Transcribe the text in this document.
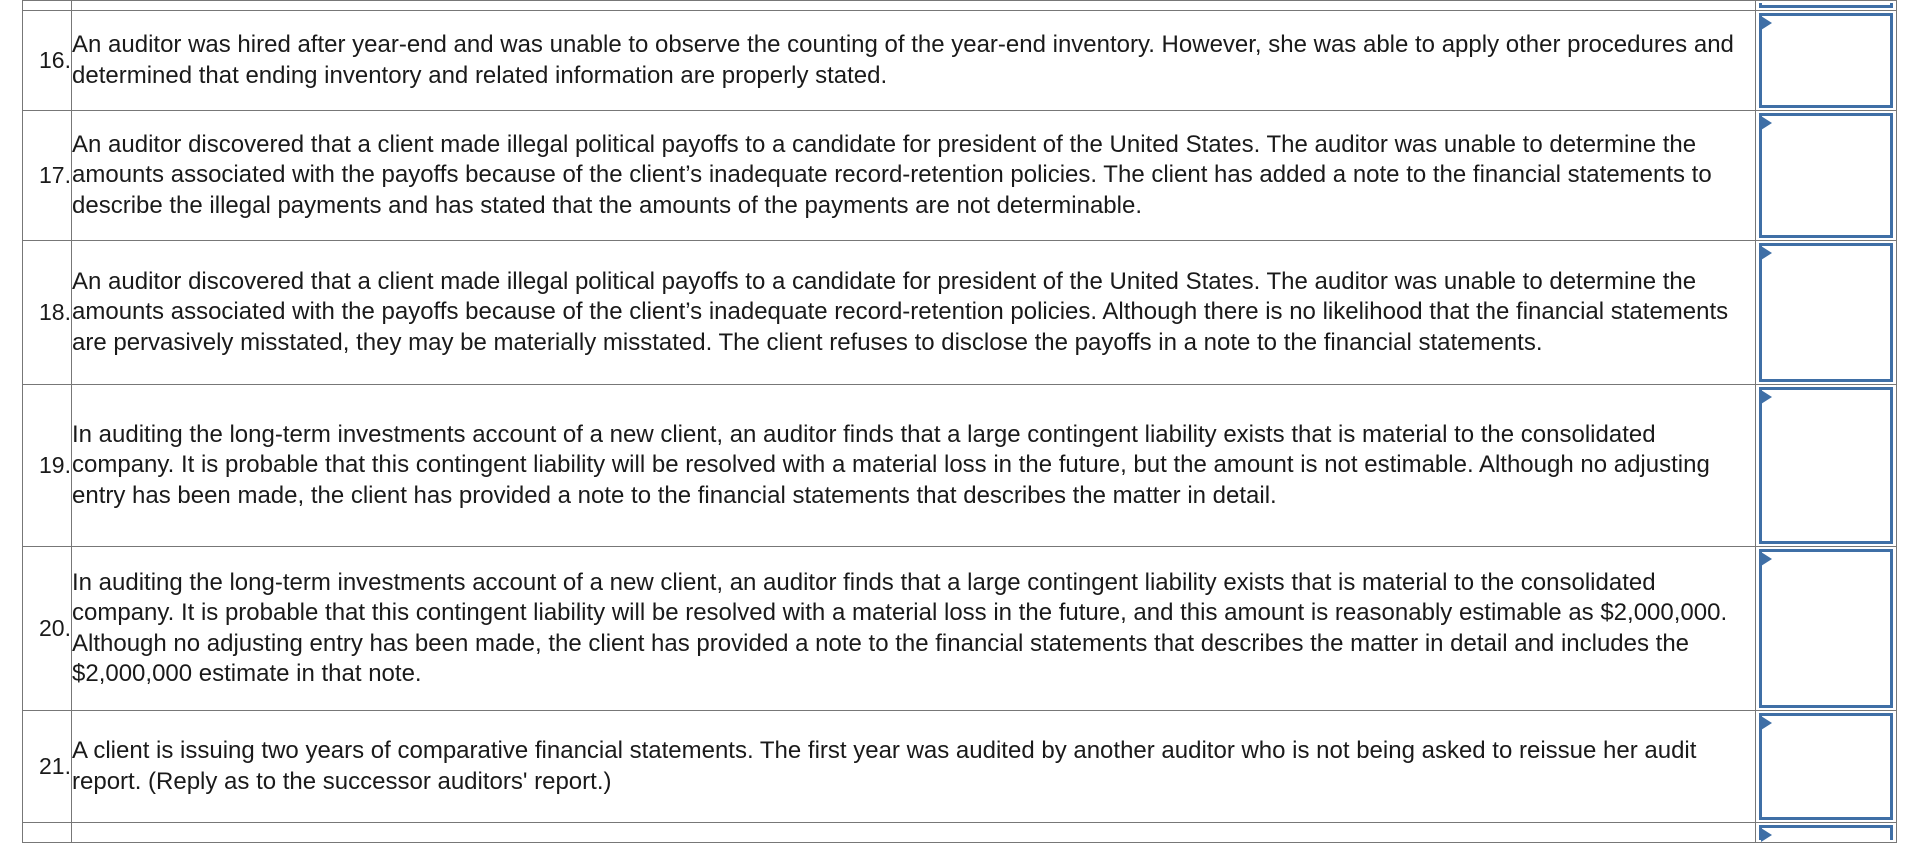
16.	An auditor was hired after year-end and was unable to observe the counting of the year-end inventory. However, she was able to apply other procedures and determined that ending inventory and related information are properly stated.	

17.	An auditor discovered that a client made illegal political payoffs to a candidate for president of the United States. The auditor was unable to determine the amounts associated with the payoffs because of the client’s inadequate record-retention policies. The client has added a note to the financial statements to describe the illegal payments and has stated that the amounts of the payments are not determinable.	

18.	An auditor discovered that a client made illegal political payoffs to a candidate for president of the United States. The auditor was unable to determine the amounts associated with the payoffs because of the client’s inadequate record-retention policies. Although there is no likelihood that the financial statements are pervasively misstated, they may be materially misstated. The client refuses to disclose the payoffs in a note to the financial statements.	

19.	In auditing the long-term investments account of a new client, an auditor finds that a large contingent liability exists that is material to the consolidated company. It is probable that this contingent liability will be resolved with a material loss in the future, but the amount is not estimable. Although no adjusting entry has been made, the client has provided a note to the financial statements that describes the matter in detail.	

20.	In auditing the long-term investments account of a new client, an auditor finds that a large contingent liability exists that is material to the consolidated company. It is probable that this contingent liability will be resolved with a material loss in the future, and this amount is reasonably estimable as $2,000,000. Although no adjusting entry has been made, the client has provided a note to the financial statements that describes the matter in detail and includes the $2,000,000 estimate in that note.	

21.	A client is issuing two years of comparative financial statements. The first year was audited by another auditor who is not being asked to reissue her audit report. (Reply as to the successor auditors' report.)	
